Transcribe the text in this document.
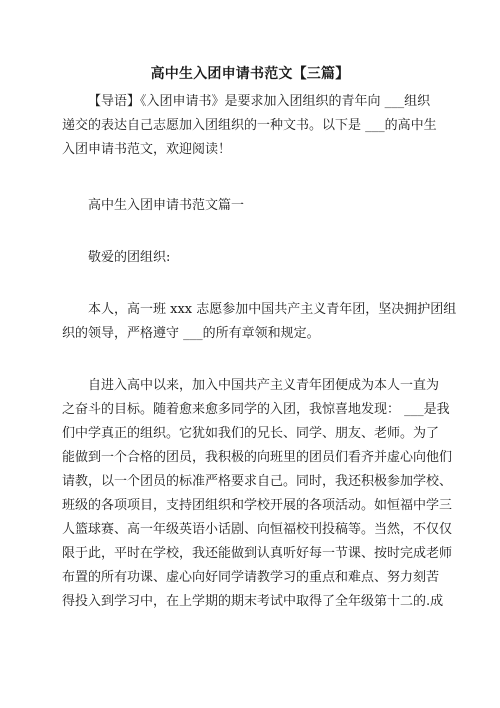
高中生入团申请书范文【三篇】
【导语】《入团申请书》是要求加入团组织的青年向 ___组织
递交的表达自己志愿加入团组织的一种文书。以下是 ___的高中生
入团申请书范文，欢迎阅读！
高中生入团申请书范文篇一
敬爱的团组织:
本人，高一班 xxx 志愿参加中国共产主义青年团，坚决拥护团组
织的领导，严格遵守 ___的所有章领和规定。
自进入高中以来，加入中国共产主义青年团便成为本人一直为
之奋斗的目标。随着愈来愈多同学的入团，我惊喜地发现： ___是我
们中学真正的组织。它犹如我们的兄长、同学、朋友、老师。为了
能做到一个合格的团员，我积极的向班里的团员们看齐并虚心向他们
请教，以一个团员的标准严格要求自己。同时，我还积极参加学校、
班级的各项项目，支持团组织和学校开展的各项活动。如恒福中学三
人篮球赛、高一年级英语小话剧、向恒福校刊投稿等。当然，不仅仅
限于此，平时在学校，我还能做到认真听好每一节课、按时完成老师
布置的所有功课、虚心向好同学请教学习的重点和难点、努力刻苦
得投入到学习中，在上学期的期末考试中取得了全年级第十二的.成
